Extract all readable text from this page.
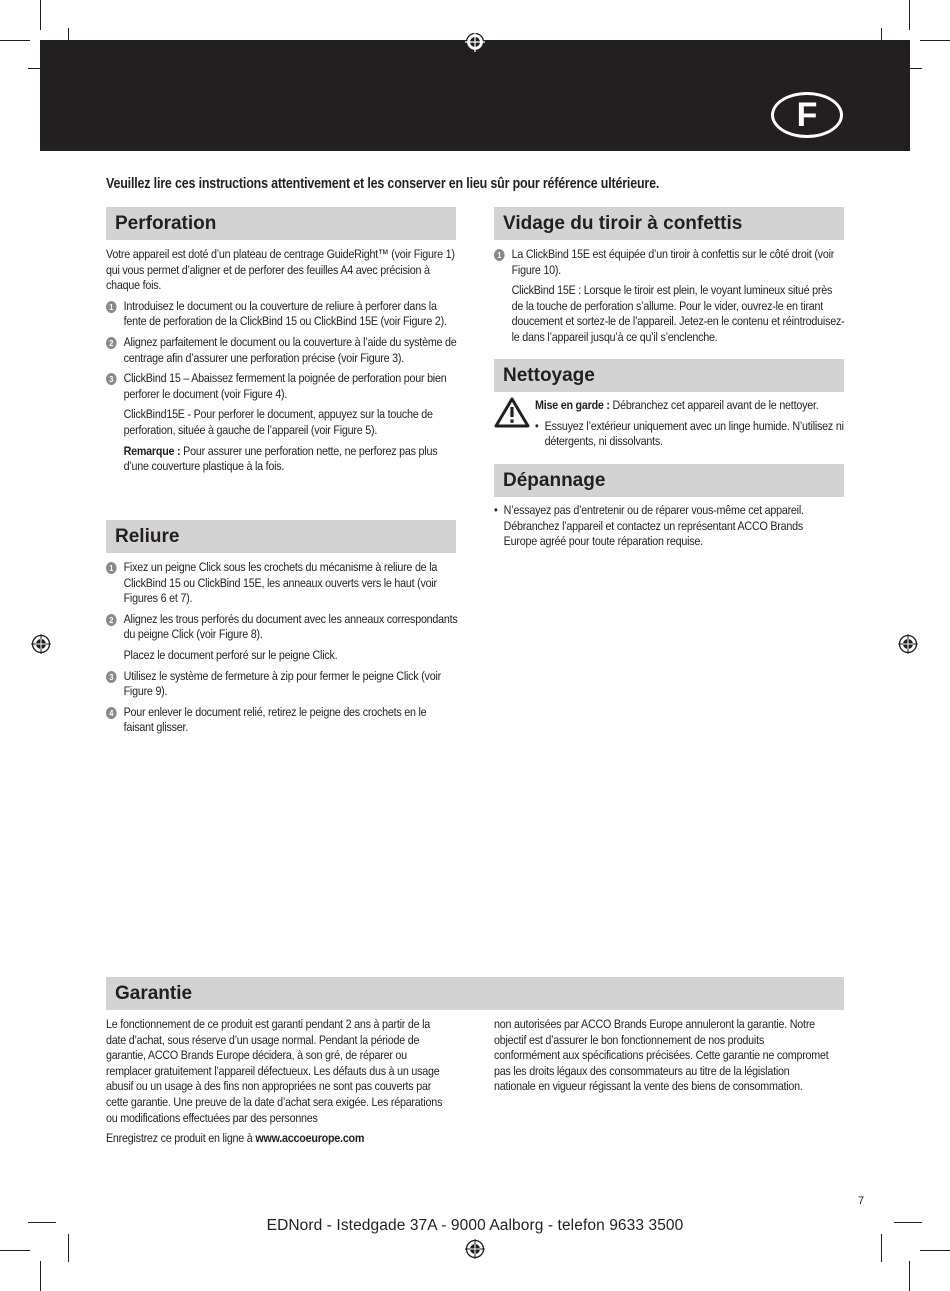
F
Veuillez lire ces instructions attentivement et les conserver en lieu sûr pour référence ultérieure.
Perforation

Votre appareil est doté d’un plateau de centrage GuideRight™ (voir Figure 1) qui vous permet d’aligner et de perforer des feuilles A4 avec précision à chaque fois.

1 Introduisez le document ou la couverture de reliure à perforer dans la fente de perforation de la ClickBind 15 ou ClickBind 15E (voir Figure 2).

2 Alignez parfaitement le document ou la couverture à l’aide du système de centrage afin d’assurer une perforation précise (voir Figure 3).

3 ClickBind 15 – Abaissez fermement la poignée de perforation pour bien perforer le document (voir Figure 4).

ClickBind15E - Pour perforer le document, appuyez sur la touche de perforation, située à gauche de l’appareil (voir Figure 5).

Remarque : Pour assurer une perforation nette, ne perforez pas plus d’une couverture plastique à la fois.

Reliure
1 Fixez un peigne Click sous les crochets du mécanisme à reliure de la ClickBind 15 ou ClickBind 15E, les anneaux ouverts vers le haut (voir Figures 6 et 7).

2 Alignez les trous perforés du document avec les anneaux correspondants du peigne Click (voir Figure 8).

Placez le document perforé sur le peigne Click.

3 Utilisez le système de fermeture à zip pour fermer le peigne Click (voir Figure 9).

4 Pour enlever le document relié, retirez le peigne des crochets en le faisant glisser.

Vidage du tiroir à confettis
1 La ClickBind 15E est équipée d’un tiroir à confettis sur le côté droit (voir Figure 10).

ClickBind 15E : Lorsque le tiroir est plein, le voyant lumineux situé près de la touche de perforation s’allume. Pour le vider, ouvrez-le en tirant doucement et sortez-le de l’appareil. Jetez-en le contenu et réintroduisez-le dans l’appareil jusqu’à ce qu’il s’enclenche.

Nettoyage

Mise en garde : Débranchez cet appareil avant de le nettoyer.

• Essuyez l’extérieur uniquement avec un linge humide. N’utilisez ni détergents, ni dissolvants.

Dépannage

• N’essayez pas d’entretenir ou de réparer vous-même cet appareil. Débranchez l’appareil et contactez un représentant ACCO Brands Europe agréé pour toute réparation requise.

Garantie

Le fonctionnement de ce produit est garanti pendant 2 ans à partir de la date d’achat, sous réserve d’un usage normal. Pendant la période de garantie, ACCO Brands Europe décidera, à son gré, de réparer ou remplacer gratuitement l’appareil défectueux. Les défauts dus à un usage abusif ou un usage à des fins non appropriées ne sont pas couverts par cette garantie. Une preuve de la date d’achat sera exigée. Les réparations ou modifications effectuées par des personnes

Enregistrez ce produit en ligne à www.accoeurope.com

non autorisées par ACCO Brands Europe annuleront la garantie. Notre objectif est d’assurer le bon fonctionnement de nos produits conformément aux spécifications précisées. Cette garantie ne compromet pas les droits légaux des consommateurs au titre de la législation nationale en vigueur régissant la vente des biens de consommation.

7
EDNord - Istedgade 37A - 9000 Aalborg - telefon 9633 3500
